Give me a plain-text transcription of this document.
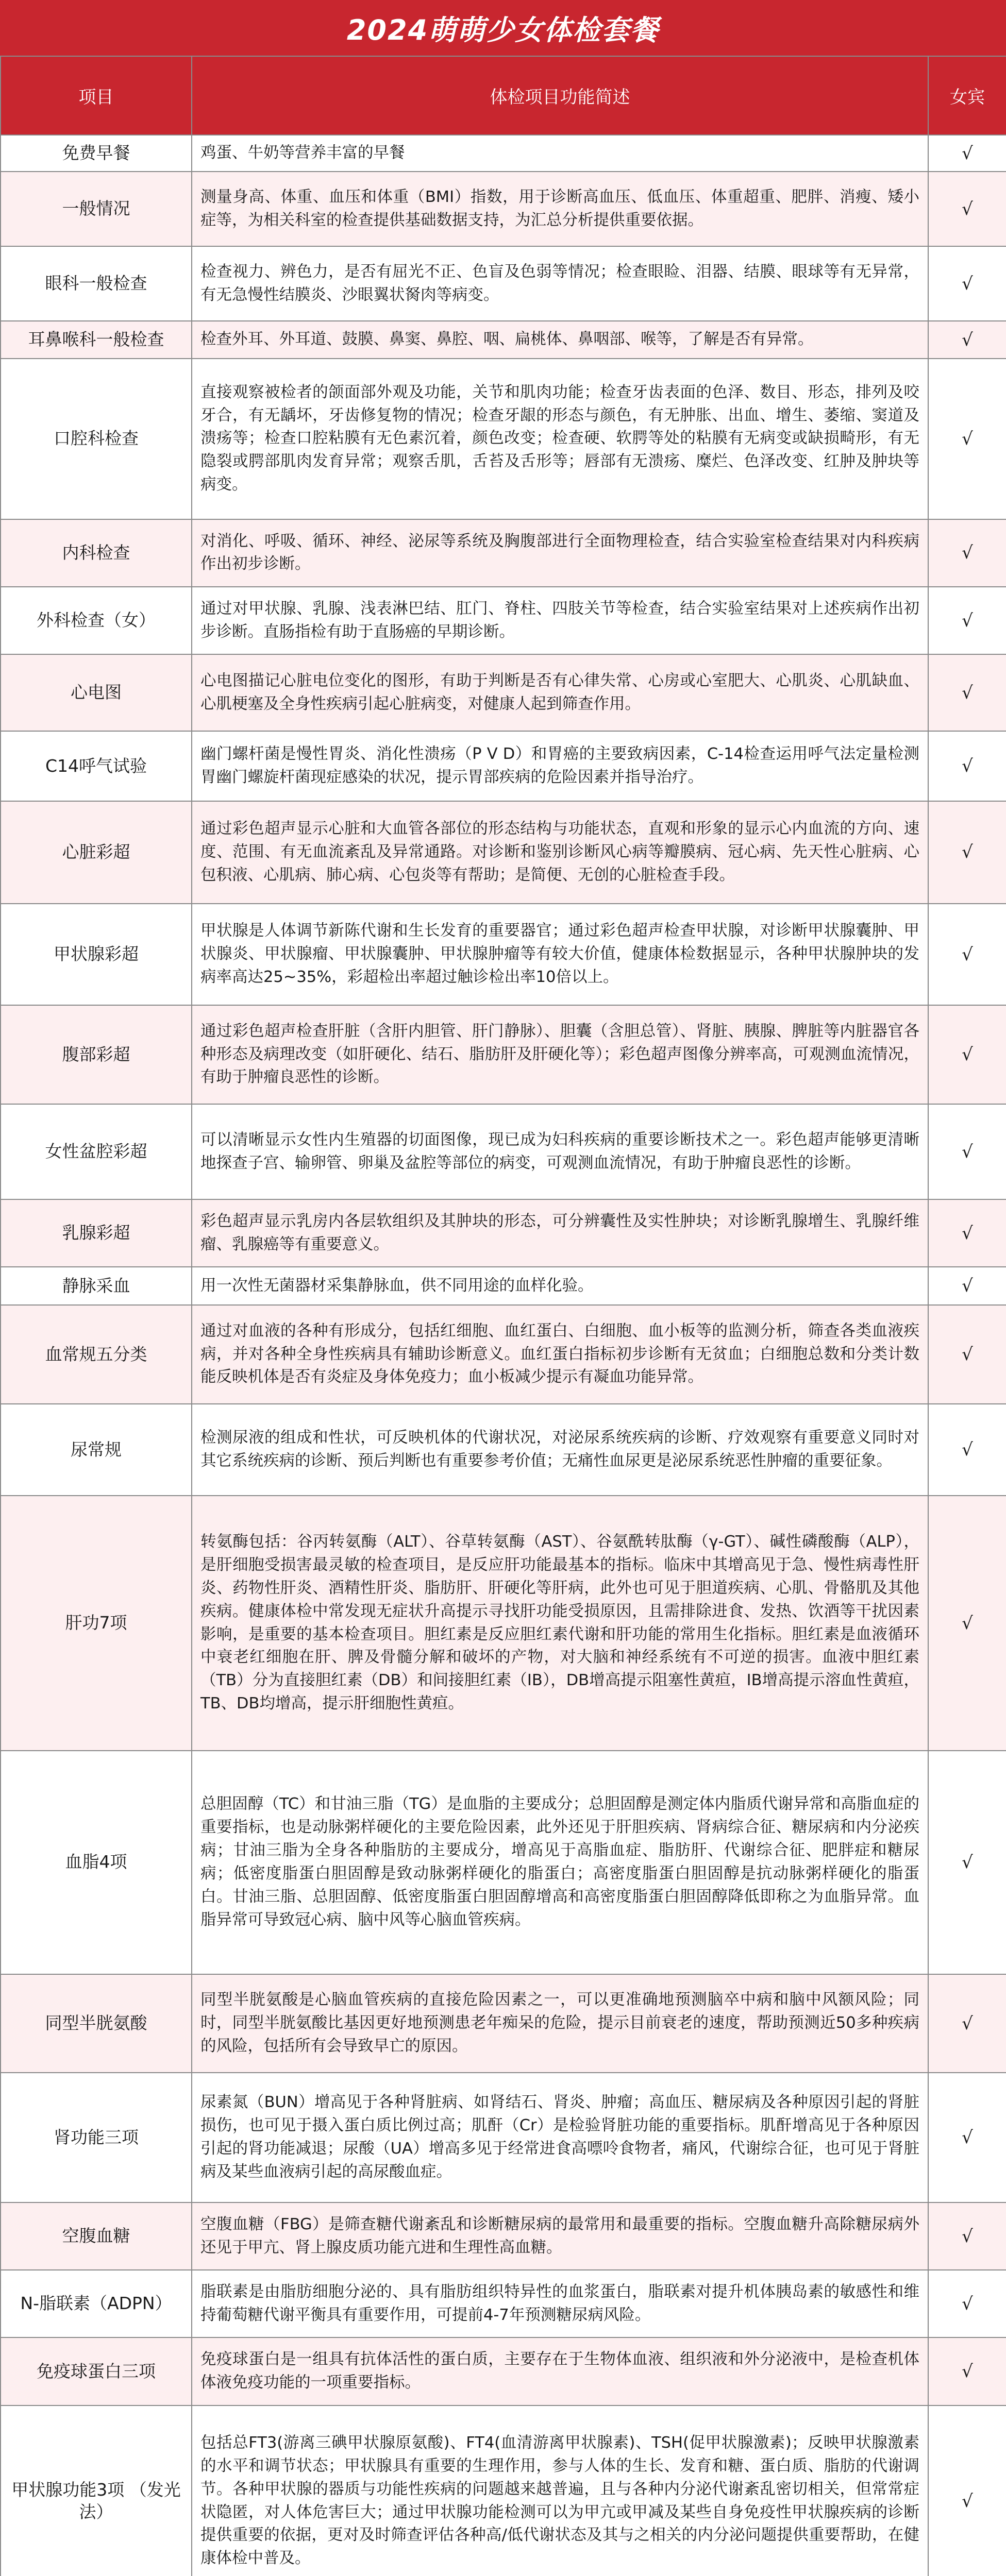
2024萌萌少女体检套餐
项目	体检项目功能简述	女宾
免费早餐	鸡蛋、牛奶等营养丰富的早餐	√
一般情况	测量身高、体重、血压和体重（BMI）指数，用于诊断高血压、低血压、体重超重、肥胖、消瘦、矮小症等，为相关科室的检查提供基础数据支持，为汇总分析提供重要依据。	√
眼科一般检查	检查视力、辨色力，是否有屈光不正、色盲及色弱等情况；检查眼睑、泪器、结膜、眼球等有无异常，有无急慢性结膜炎、沙眼翼状胬肉等病变。	√
耳鼻喉科一般检查	检查外耳、外耳道、鼓膜、鼻窦、鼻腔、咽、扁桃体、鼻咽部、喉等，了解是否有异常。	√
口腔科检查	直接观察被检者的颌面部外观及功能，关节和肌肉功能；检查牙齿表面的色泽、数目、形态，排列及咬牙合，有无龋坏，牙齿修复物的情况；检查牙龈的形态与颜色，有无肿胀、出血、增生、萎缩、窦道及溃疡等；检查口腔粘膜有无色素沉着，颜色改变；检查硬、软腭等处的粘膜有无病变或缺损畸形，有无隐裂或腭部肌肉发育异常；观察舌肌，舌苔及舌形等；唇部有无溃疡、糜烂、色泽改变、红肿及肿块等病变。	√
内科检查	对消化、呼吸、循环、神经、泌尿等系统及胸腹部进行全面物理检查，结合实验室检查结果对内科疾病作出初步诊断。	√
外科检查（女）	通过对甲状腺、乳腺、浅表淋巴结、肛门、脊柱、四肢关节等检查，结合实验室结果对上述疾病作出初步诊断。直肠指检有助于直肠癌的早期诊断。	√
心电图	心电图描记心脏电位变化的图形，有助于判断是否有心律失常、心房或心室肥大、心肌炎、心肌缺血、心肌梗塞及全身性疾病引起心脏病变，对健康人起到筛查作用。	√
C14呼气试验	幽门螺杆菌是慢性胃炎、消化性溃疡（P V D）和胃癌的主要致病因素，C-14检查运用呼气法定量检测胃幽门螺旋杆菌现症感染的状况，提示胃部疾病的危险因素并指导治疗。	√
心脏彩超	通过彩色超声显示心脏和大血管各部位的形态结构与功能状态，直观和形象的显示心内血流的方向、速度、范围、有无血流紊乱及异常通路。对诊断和鉴别诊断风心病等瓣膜病、冠心病、先天性心脏病、心包积液、心肌病、肺心病、心包炎等有帮助；是简便、无创的心脏检查手段。	√
甲状腺彩超	甲状腺是人体调节新陈代谢和生长发育的重要器官；通过彩色超声检查甲状腺，对诊断甲状腺囊肿、甲状腺炎、甲状腺瘤、甲状腺囊肿、甲状腺肿瘤等有较大价值，健康体检数据显示，各种甲状腺肿块的发病率高达25~35%，彩超检出率超过触诊检出率10倍以上。	√
腹部彩超	通过彩色超声检查肝脏（含肝内胆管、肝门静脉）、胆囊（含胆总管）、肾脏、胰腺、脾脏等内脏器官各种形态及病理改变（如肝硬化、结石、脂肪肝及肝硬化等）；彩色超声图像分辨率高，可观测血流情况，有助于肿瘤良恶性的诊断。	√
女性盆腔彩超	可以清晰显示女性内生殖器的切面图像，现已成为妇科疾病的重要诊断技术之一。彩色超声能够更清晰地探查子宫、输卵管、卵巢及盆腔等部位的病变，可观测血流情况，有助于肿瘤良恶性的诊断。	√
乳腺彩超	彩色超声显示乳房内各层软组织及其肿块的形态，可分辨囊性及实性肿块；对诊断乳腺增生、乳腺纤维瘤、乳腺癌等有重要意义。	√
静脉采血	用一次性无菌器材采集静脉血，供不同用途的血样化验。	√
血常规五分类	通过对血液的各种有形成分，包括红细胞、血红蛋白、白细胞、血小板等的监测分析，筛查各类血液疾病，并对各种全身性疾病具有辅助诊断意义。血红蛋白指标初步诊断有无贫血；白细胞总数和分类计数能反映机体是否有炎症及身体免疫力；血小板减少提示有凝血功能异常。	√
尿常规	检测尿液的组成和性状，可反映机体的代谢状况，对泌尿系统疾病的诊断、疗效观察有重要意义同时对其它系统疾病的诊断、预后判断也有重要参考价值；无痛性血尿更是泌尿系统恶性肿瘤的重要征象。	√
肝功7项	转氨酶包括：谷丙转氨酶（ALT）、谷草转氨酶（AST）、谷氨酰转肽酶（γ-GT）、碱性磷酸酶（ALP），是肝细胞受损害最灵敏的检查项目，是反应肝功能最基本的指标。临床中其增高见于急、慢性病毒性肝炎、药物性肝炎、酒精性肝炎、脂肪肝、肝硬化等肝病，此外也可见于胆道疾病、心肌、骨骼肌及其他疾病。健康体检中常发现无症状升高提示寻找肝功能受损原因，且需排除进食、发热、饮酒等干扰因素影响，是重要的基本检查项目。胆红素是反应胆红素代谢和肝功能的常用生化指标。胆红素是血液循环中衰老红细胞在肝、脾及骨髓分解和破坏的产物，对大脑和神经系统有不可逆的损害。血液中胆红素（TB）分为直接胆红素（DB）和间接胆红素（IB），DB增高提示阻塞性黄疸，IB增高提示溶血性黄疸，TB、DB均增高，提示肝细胞性黄疸。	√
血脂4项	总胆固醇（TC）和甘油三脂（TG）是血脂的主要成分；总胆固醇是测定体内脂质代谢异常和高脂血症的重要指标，也是动脉粥样硬化的主要危险因素，此外还见于肝胆疾病、肾病综合征、糖尿病和内分泌疾病；甘油三脂为全身各种脂肪的主要成分，增高见于高脂血症、脂肪肝、代谢综合征、肥胖症和糖尿病；低密度脂蛋白胆固醇是致动脉粥样硬化的脂蛋白；高密度脂蛋白胆固醇是抗动脉粥样硬化的脂蛋白。甘油三脂、总胆固醇、低密度脂蛋白胆固醇增高和高密度脂蛋白胆固醇降低即称之为血脂异常。血脂异常可导致冠心病、脑中风等心脑血管疾病。	√
同型半胱氨酸	同型半胱氨酸是心脑血管疾病的直接危险因素之一，可以更准确地预测脑卒中病和脑中风额风险；同时，同型半胱氨酸比基因更好地预测患老年痴呆的危险，提示目前衰老的速度，帮助预测近50多种疾病的风险，包括所有会导致早亡的原因。	√
肾功能三项	尿素氮（BUN）增高见于各种肾脏病、如肾结石、肾炎、肿瘤；高血压、糖尿病及各种原因引起的肾脏损伤，也可见于摄入蛋白质比例过高；肌酐（Cr）是检验肾脏功能的重要指标。肌酐增高见于各种原因引起的肾功能减退；尿酸（UA）增高多见于经常进食高嘌呤食物者，痛风，代谢综合征，也可见于肾脏病及某些血液病引起的高尿酸血症。	√
空腹血糖	空腹血糖（FBG）是筛查糖代谢紊乱和诊断糖尿病的最常用和最重要的指标。空腹血糖升高除糖尿病外还见于甲亢、肾上腺皮质功能亢进和生理性高血糖。	√
N-脂联素（ADPN）	脂联素是由脂肪细胞分泌的、具有脂肪组织特异性的血浆蛋白，脂联素对提升机体胰岛素的敏感性和维持葡萄糖代谢平衡具有重要作用，可提前4-7年预测糖尿病风险。	√
免疫球蛋白三项	免疫球蛋白是一组具有抗体活性的蛋白质，主要存在于生物体血液、组织液和外分泌液中，是检查机体体液免疫功能的一项重要指标。	√
甲状腺功能3项 （发光法）	包括总FT3(游离三碘甲状腺原氨酸)、FT4(血清游离甲状腺素)、TSH(促甲状腺激素)；反映甲状腺激素的水平和调节状态；甲状腺具有重要的生理作用，参与人体的生长、发育和糖、蛋白质、脂肪的代谢调节。各种甲状腺的器质与功能性疾病的问题越来越普遍，且与各种内分泌代谢紊乱密切相关，但常常症状隐匿，对人体危害巨大；通过甲状腺功能检测可以为甲亢或甲减及某些自身免疫性甲状腺疾病的诊断提供重要的依据，更对及时筛查评估各种高/低代谢状态及其与之相关的内分泌问题提供重要帮助，在健康体检中普及。	√
